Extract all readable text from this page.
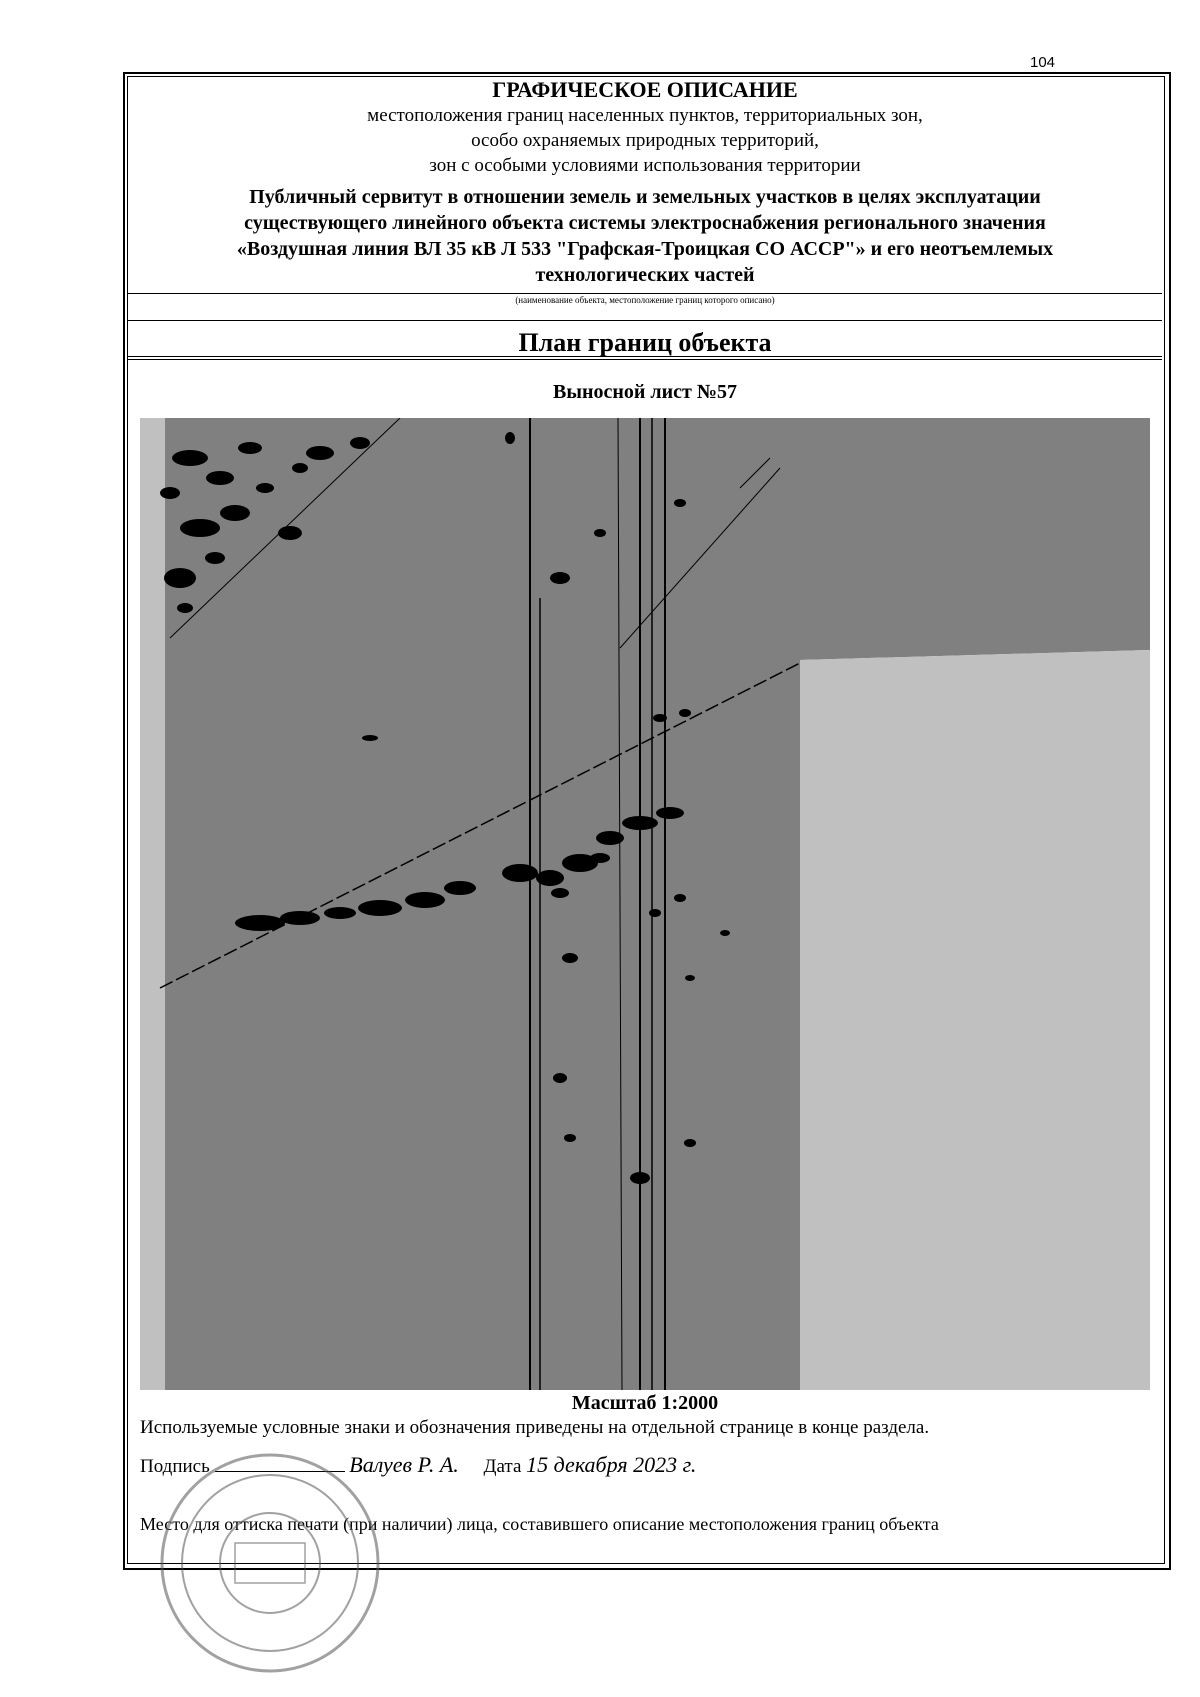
104
ГРАФИЧЕСКОЕ ОПИСАНИЕ
местоположения границ населенных пунктов, территориальных зон,
особо охраняемых природных территорий,
зон с особыми условиями использования территории
Публичный сервитут в отношении земель и земельных участков в целях эксплуатации
существующего линейного объекта системы электроснабжения регионального значения
«Воздушная линия ВЛ 35 кВ Л 533 "Графская-Троицкая СО АССР"» и его неотъемлемых
технологических частей
(наименование объекта, местоположение границ которого описано)
План границ объекта
Выносной лист №57
Масштаб 1:2000
Используемые условные знаки и обозначения приведены на отдельной странице в конце раздела.
Подпись	Валуев Р. А. Дата 15 декабря 2023 г.
Место для оттиска печати (при наличии) лица, составившего описание местоположения границ объекта
